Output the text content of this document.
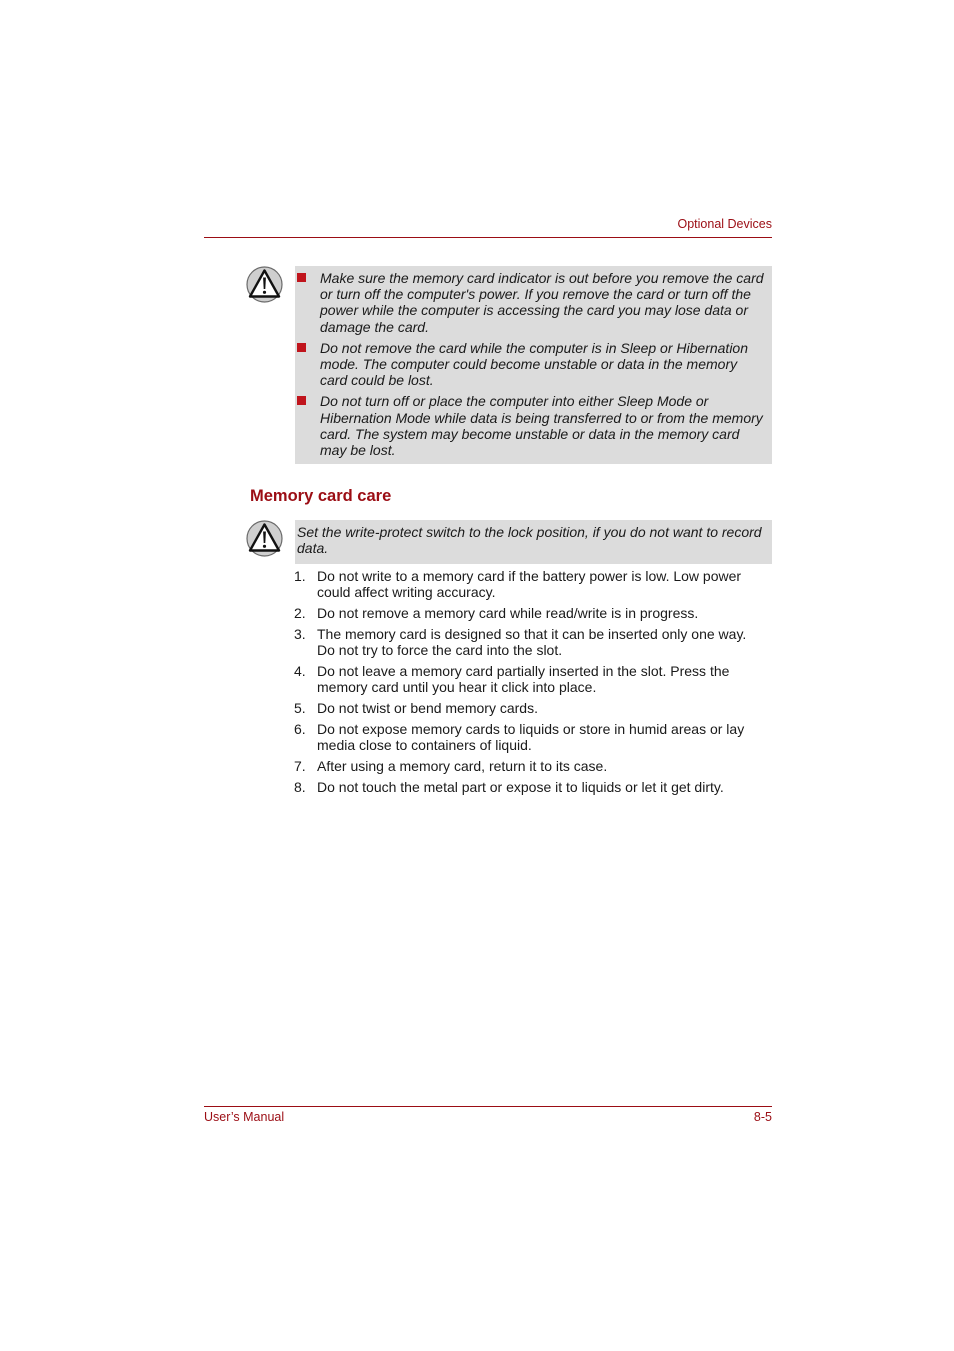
Optional Devices
Make sure the memory card indicator is out before you remove the card or turn off the computer's power. If you remove the card or turn off the power while the computer is accessing the card you may lose data or damage the card.
Do not remove the card while the computer is in Sleep or Hibernation mode. The computer could become unstable or data in the memory card could be lost.
Do not turn off or place the computer into either Sleep Mode or Hibernation Mode while data is being transferred to or from the memory card. The system may become unstable or data in the memory card may be lost.
Memory card care
Set the write-protect switch to the lock position, if you do not want to record data.
1. Do not write to a memory card if the battery power is low. Low power could affect writing accuracy.
2. Do not remove a memory card while read/write is in progress.
3. The memory card is designed so that it can be inserted only one way. Do not try to force the card into the slot.
4. Do not leave a memory card partially inserted in the slot. Press the memory card until you hear it click into place.
5. Do not twist or bend memory cards.
6. Do not expose memory cards to liquids or store in humid areas or lay media close to containers of liquid.
7. After using a memory card, return it to its case.
8. Do not touch the metal part or expose it to liquids or let it get dirty.
User’s Manual	8-5
